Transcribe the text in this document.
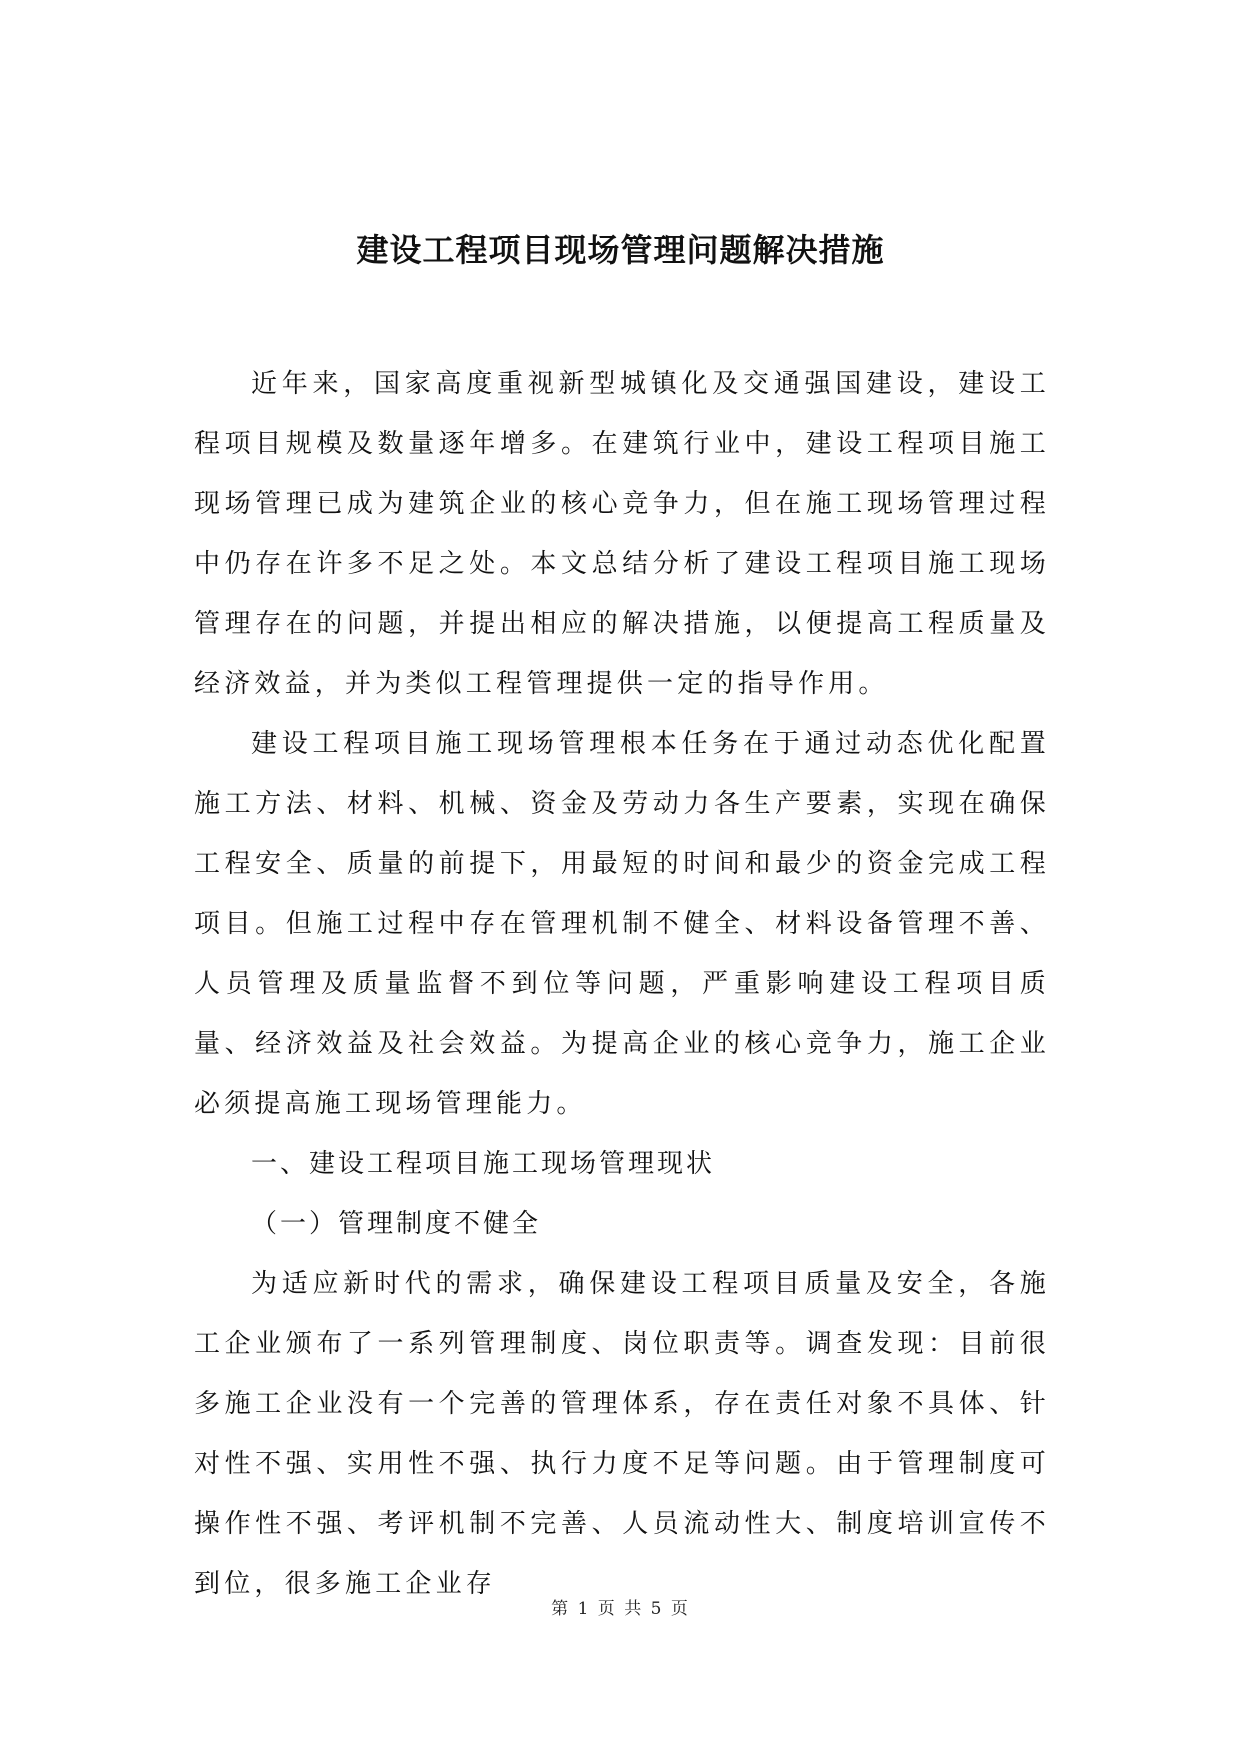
建设工程项目现场管理问题解决措施

近年来，国家高度重视新型城镇化及交通强国建设，建设工程项目规模及数量逐年增多。在建筑行业中，建设工程项目施工现场管理已成为建筑企业的核心竞争力，但在施工现场管理过程中仍存在许多不足之处。本文总结分析了建设工程项目施工现场管理存在的问题，并提出相应的解决措施，以便提高工程质量及经济效益，并为类似工程管理提供一定的指导作用。

建设工程项目施工现场管理根本任务在于通过动态优化配置施工方法、材料、机械、资金及劳动力各生产要素，实现在确保工程安全、质量的前提下，用最短的时间和最少的资金完成工程项目。但施工过程中存在管理机制不健全、材料设备管理不善、人员管理及质量监督不到位等问题，严重影响建设工程项目质量、经济效益及社会效益。为提高企业的核心竞争力，施工企业必须提高施工现场管理能力。

一、建设工程项目施工现场管理现状

（一）管理制度不健全

为适应新时代的需求，确保建设工程项目质量及安全，各施工企业颁布了一系列管理制度、岗位职责等。调查发现：目前很多施工企业没有一个完善的管理体系，存在责任对象不具体、针对性不强、实用性不强、执行力度不足等问题。由于管理制度可操作性不强、考评机制不完善、人员流动性大、制度培训宣传不到位，很多施工企业存

第 1 页 共 5 页
